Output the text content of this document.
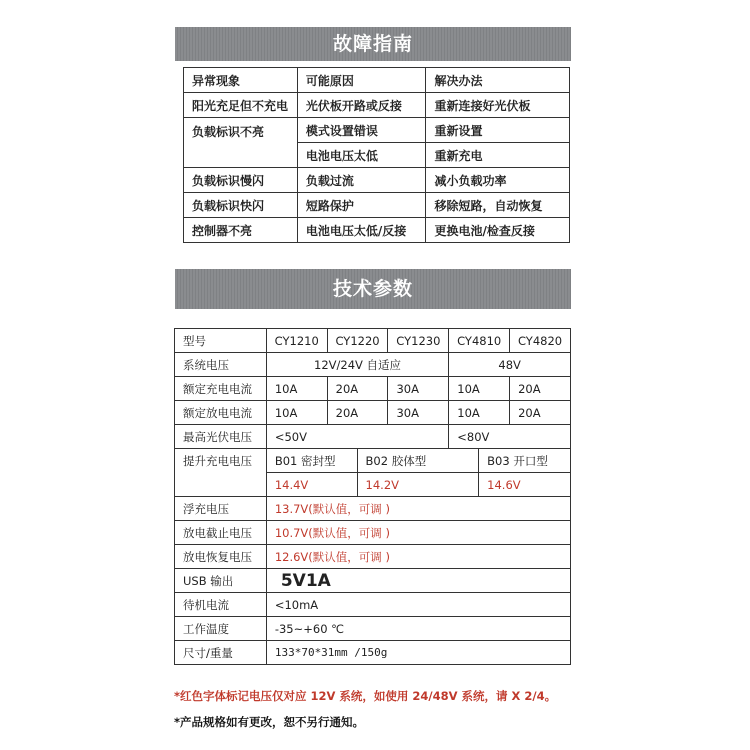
故障指南
异常现象	可能原因	解决办法
阳光充足但不充电	光伏板开路或反接	重新连接好光伏板
负载标识不亮	模式设置错误	重新设置
	电池电压太低	重新充电
负载标识慢闪	负载过流	减小负载功率
负载标识快闪	短路保护	移除短路，自动恢复
控制器不亮	电池电压太低/反接	更换电池/检查反接
技术参数
型号	CY1210	CY1220		CY1230	CY4810		CY4820
系统电压	12V/24V 自适应				48V		
额定充电电流	10A	20A		30A	10A		20A
额定放电电流	10A	20A		30A	10A		20A
最高光伏电压	<50V				<80V		
提升充电电压	B01 密封型		B02 胶体型			B03 开口型	
	14.4V		14.2V			14.6V	
浮充电压	13.7V(默认值，可调 )						
放电截止电压	10.7V(默认值，可调 )						
放电恢复电压	12.6V(默认值，可调 )						
USB 输出	5V1A						
待机电流	<10mA						
工作温度	-35~+60 ℃						
尺寸/重量	133*70*31mm /150g						
*红色字体标记电压仅对应 12V 系统，如使用 24/48V 系统，请 X 2/4。
*产品规格如有更改，恕不另行通知。
